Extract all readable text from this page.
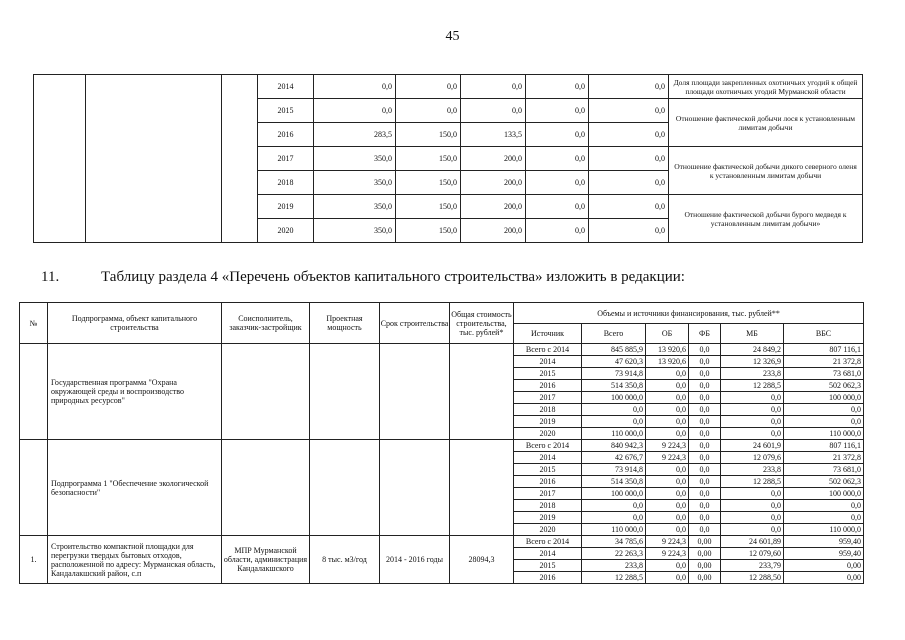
45
			2014	0,0	0,0	0,0	0,0	0,0	Доля площади закрепленных охотничьих угодий к общей площади охотничьих угодий Мурманской области
			2015	0,0	0,0	0,0	0,0	0,0	Отношение фактической добычи лося к установленным лимитам добычи
			2016	283,5	150,0	133,5	0,0	0,0	
			2017	350,0	150,0	200,0	0,0	0,0	Отношение фактической добычи дикого северного оленя к установленным лимитам добычи
			2018	350,0	150,0	200,0	0,0	0,0	
			2019	350,0	150,0	200,0	0,0	0,0	Отношение фактической добычи бурого медведя к установленным лимитам добычи»
			2020	350,0	150,0	200,0	0,0	0,0	
11.	Таблицу раздела 4 «Перечень объектов капитального строительства» изложить в редакции:
№	Подпрограмма, объект капитального строительства	Соисполнитель, заказчик-застройщик	Проектная мощность	Срок строительства	Общая стоимость строительства, тыс. рублей*	Объемы и источники финансирования, тыс. рублей**					
						Источник	Всего	ОБ	ФБ	МБ	ВБС
	Государственная программа "Охрана окружающей среды и воспроизводство природных ресурсов"					Всего с 2014	845 885,9	13 920,6	0,0	24 849,2	807 116,1
						2014	47 620,3	13 920,6	0,0	12 326,9	21 372,8
						2015	73 914,8	0,0	0,0	233,8	73 681,0
						2016	514 350,8	0,0	0,0	12 288,5	502 062,3
						2017	100 000,0	0,0	0,0	0,0	100 000,0
						2018	0,0	0,0	0,0	0,0	0,0
						2019	0,0	0,0	0,0	0,0	0,0
						2020	110 000,0	0,0	0,0	0,0	110 000,0
	Подпрограмма 1 "Обеспечение экологической безопасности"					Всего с 2014	840 942,3	9 224,3	0,0	24 601,9	807 116,1
						2014	42 676,7	9 224,3	0,0	12 079,6	21 372,8
						2015	73 914,8	0,0	0,0	233,8	73 681,0
						2016	514 350,8	0,0	0,0	12 288,5	502 062,3
						2017	100 000,0	0,0	0,0	0,0	100 000,0
						2018	0,0	0,0	0,0	0,0	0,0
						2019	0,0	0,0	0,0	0,0	0,0
						2020	110 000,0	0,0	0,0	0,0	110 000,0
1.	Строительство компактной площадки для перегрузки твердых бытовых отходов, расположенной по адресу: Мурманская область, Кандалакшский район, с.п	МПР Мурманской области, администрация Кандалакшского	8 тыс. м3/год	2014 - 2016 годы	28094,3	Всего с 2014	34 785,6	9 224,3	0,00	24 601,89	959,40
						2014	22 263,3	9 224,3	0,00	12 079,60	959,40
						2015	233,8	0,0	0,00	233,79	0,00
						2016	12 288,5	0,0	0,00	12 288,50	0,00
